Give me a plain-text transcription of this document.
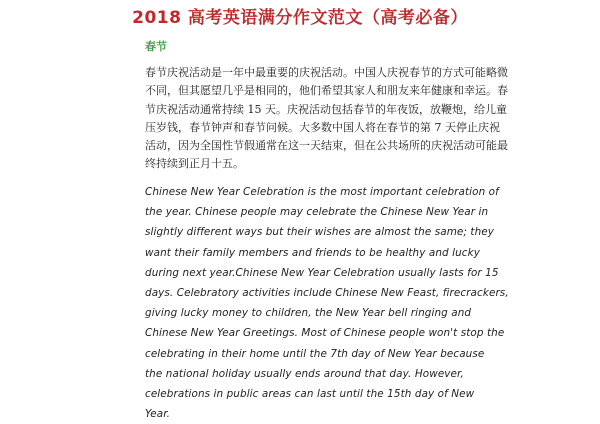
2018 高考英语满分作文范文（高考必备）
春节
春节庆祝活动是一年中最重要的庆祝活动。中国人庆祝春节的方式可能略微
不同，但其愿望几乎是相同的，他们希望其家人和朋友来年健康和幸运。春
节庆祝活动通常持续 15 天。庆祝活动包括春节的年夜饭，放鞭炮，给儿童
压岁钱，春节钟声和春节问候。大多数中国人将在春节的第 7 天停止庆祝
活动，因为全国性节假通常在这一天结束，但在公共场所的庆祝活动可能最
终持续到正月十五。
Chinese New Year Celebration is the most important celebration of
the year. Chinese people may celebrate the Chinese New Year in
slightly different ways but their wishes are almost the same; they
want their family members and friends to be healthy and lucky
during next year.Chinese New Year Celebration usually lasts for 15
days. Celebratory activities include Chinese New Feast, firecrackers,
giving lucky money to children, the New Year bell ringing and
Chinese New Year Greetings. Most of Chinese people won't stop the
celebrating in their home until the 7th day of New Year because
the national holiday usually ends around that day. However,
celebrations in public areas can last until the 15th day of New
Year.
